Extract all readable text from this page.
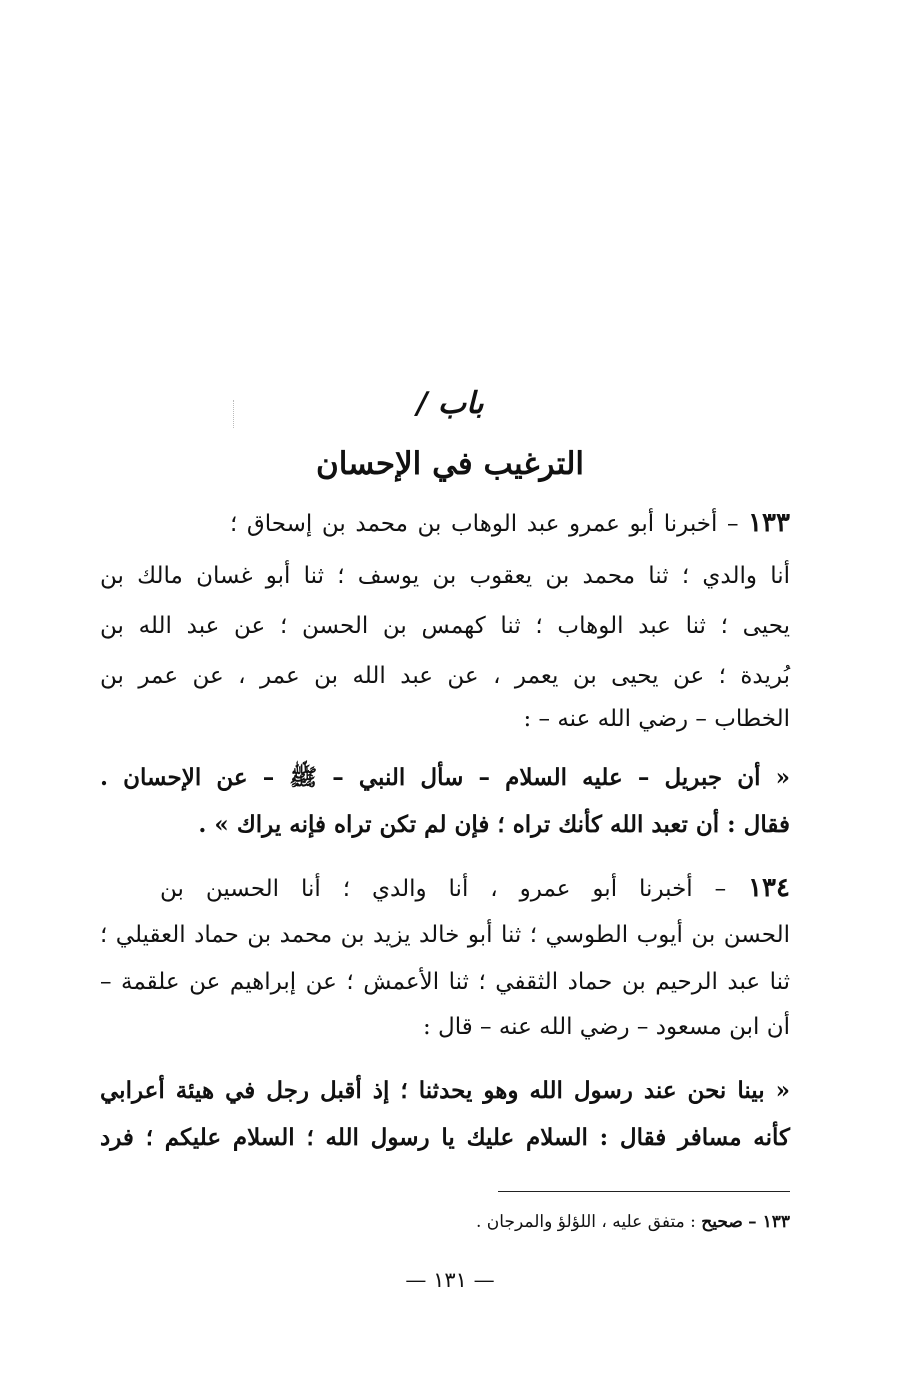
باب /
الترغيب في الإحسان
١٣٣ – أخبرنا أبو عمرو عبد الوهاب بن محمد بن إسحاق ؛
أنا والدي ؛ ثنا محمد بن يعقوب بن يوسف ؛ ثنا أبو غسان مالك بن
يحيى ؛ ثنا عبد الوهاب ؛ ثنا كهمس بن الحسن ؛ عن عبد الله بن
بُريدة ؛ عن يحيى بن يعمر ، عن عبد الله بن عمر ، عن عمر بن
الخطاب – رضي الله عنه – :
« أن جبريل – عليه السلام – سأل النبي – ﷺ – عن الإحسان .
فقال : أن تعبد الله كأنك تراه ؛ فإن لم تكن تراه فإنه يراك » .
١٣٤ – أخبرنا أبو عمرو ، أنا والدي ؛ أنا الحسين بن
الحسن بن أيوب الطوسي ؛ ثنا أبو خالد يزيد بن محمد بن حماد العقيلي ؛
ثنا عبد الرحيم بن حماد الثقفي ؛ ثنا الأعمش ؛ عن إبراهيم عن علقمة –
أن ابن مسعود – رضي الله عنه – قال :
« بينا نحن عند رسول الله وهو يحدثنا ؛ إذ أقبل رجل في هيئة أعرابي
كأنه مسافر فقال : السلام عليك يا رسول الله ؛ السلام عليكم ؛ فرد
١٣٣ – صحيح : متفق عليه ، اللؤلؤ والمرجان .
— ١٣١ —
